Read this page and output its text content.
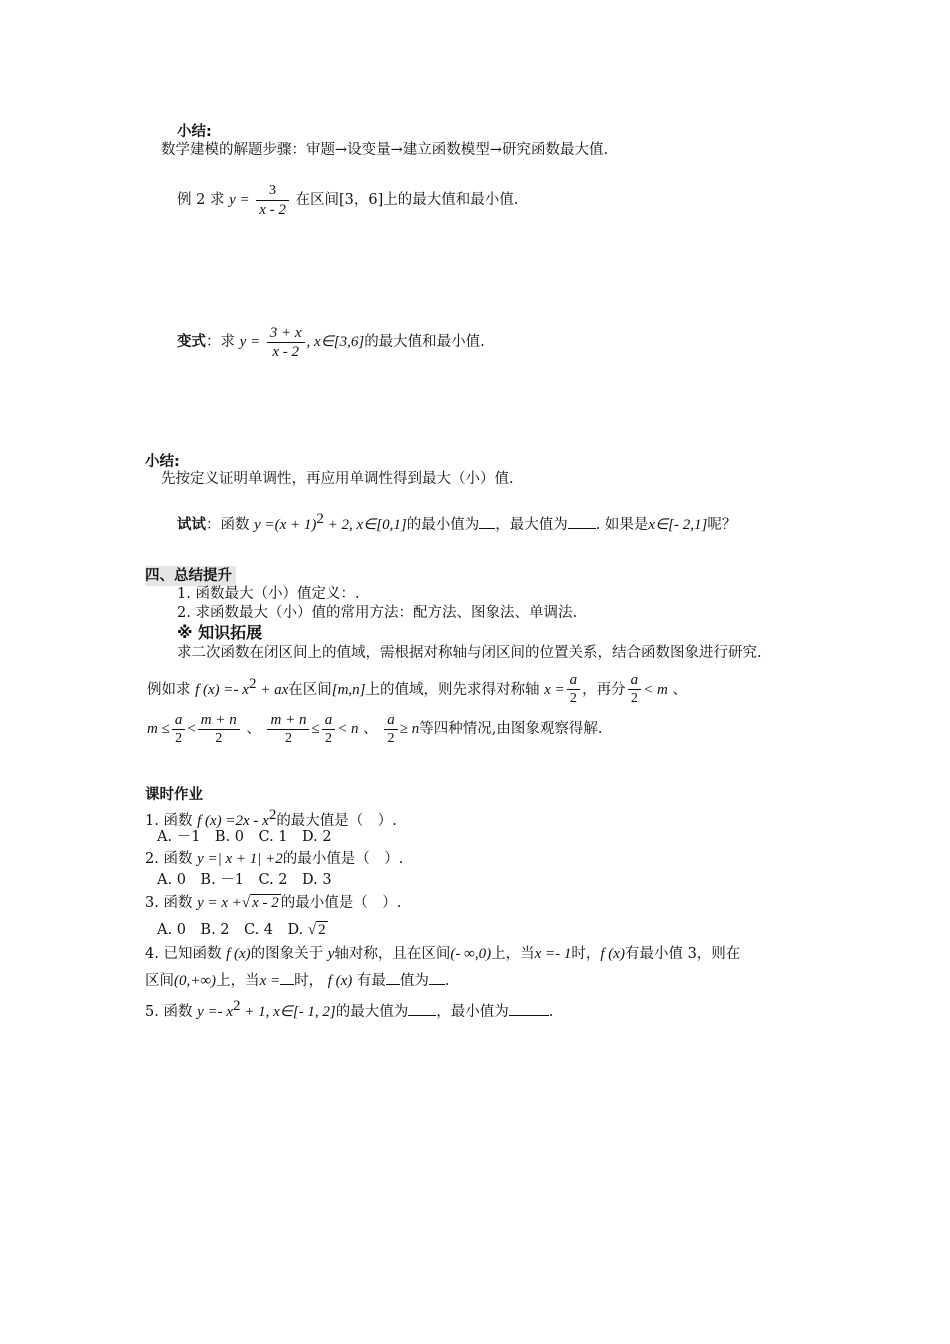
小结:
数学建模的解题步骤：审题→设变量→建立函数模型→研究函数最大值.
例 2 求 $y = \frac{3}{x - 2}$ 在区间[3，6]上的最大值和最小值.
变式：求 $y = \frac{3 + x}{x - 2}$ , x∈[3,6]的最大值和最小值.
小结:
先按定义证明单调性，再应用单调性得到最大（小）值.
试试：函数 $y =(x + 1)^2 + 2$, x∈[0,1]的最小值为 ，最大值为 . 如果是x∈[- 2,1]呢？
四、总结提升
1. 函数最大（小）值定义：.
2. 求函数最大（小）值的常用方法：配方法、图象法、单调法.
※ 知识拓展
求二次函数在闭区间上的值域，需根据对称轴与闭区间的位置关系，结合函数图象进行研究.
例如求 f $(x) =- x^2$ + ax在区间[m,n]上的值域，则先求得对称轴 $x = \frac{a}{2}$ ，再分 $\frac{a}{2} < m$ 、
$m \le \frac{a}{2} < \frac{m + n}{2}$ 、 $\frac{m + n}{2} \le \frac{a}{2} < n$ 、 $\frac{a}{2} \ge n$等四种情况,由图象观察得解.
课时作业
1. 函数 f $(x) =2x - x^2$的最大值是（　）.
A. －1　B. 0　C. 1　D. 2
2. 函数 y =| x + 1| +2的最小值是（　）.
A. 0　B. －1　C. 2　D. 3
3. 函数 y = x +√ x - 2 的最小值是（　）.
A. 0　B. 2　C. 4　D. √ 2
4. 已知函数 f (x)的图象关于 y轴对称，且在区间(- ∞,0)上，当x =- 1时，f (x)有最小值 3，则在
区间(0,+∞)上，当x = 时， f (x) 有最 值为 .
5. 函数 $y =- x^2 + 1$, x∈[- 1, 2]的最大值为 ，最小值为	.
